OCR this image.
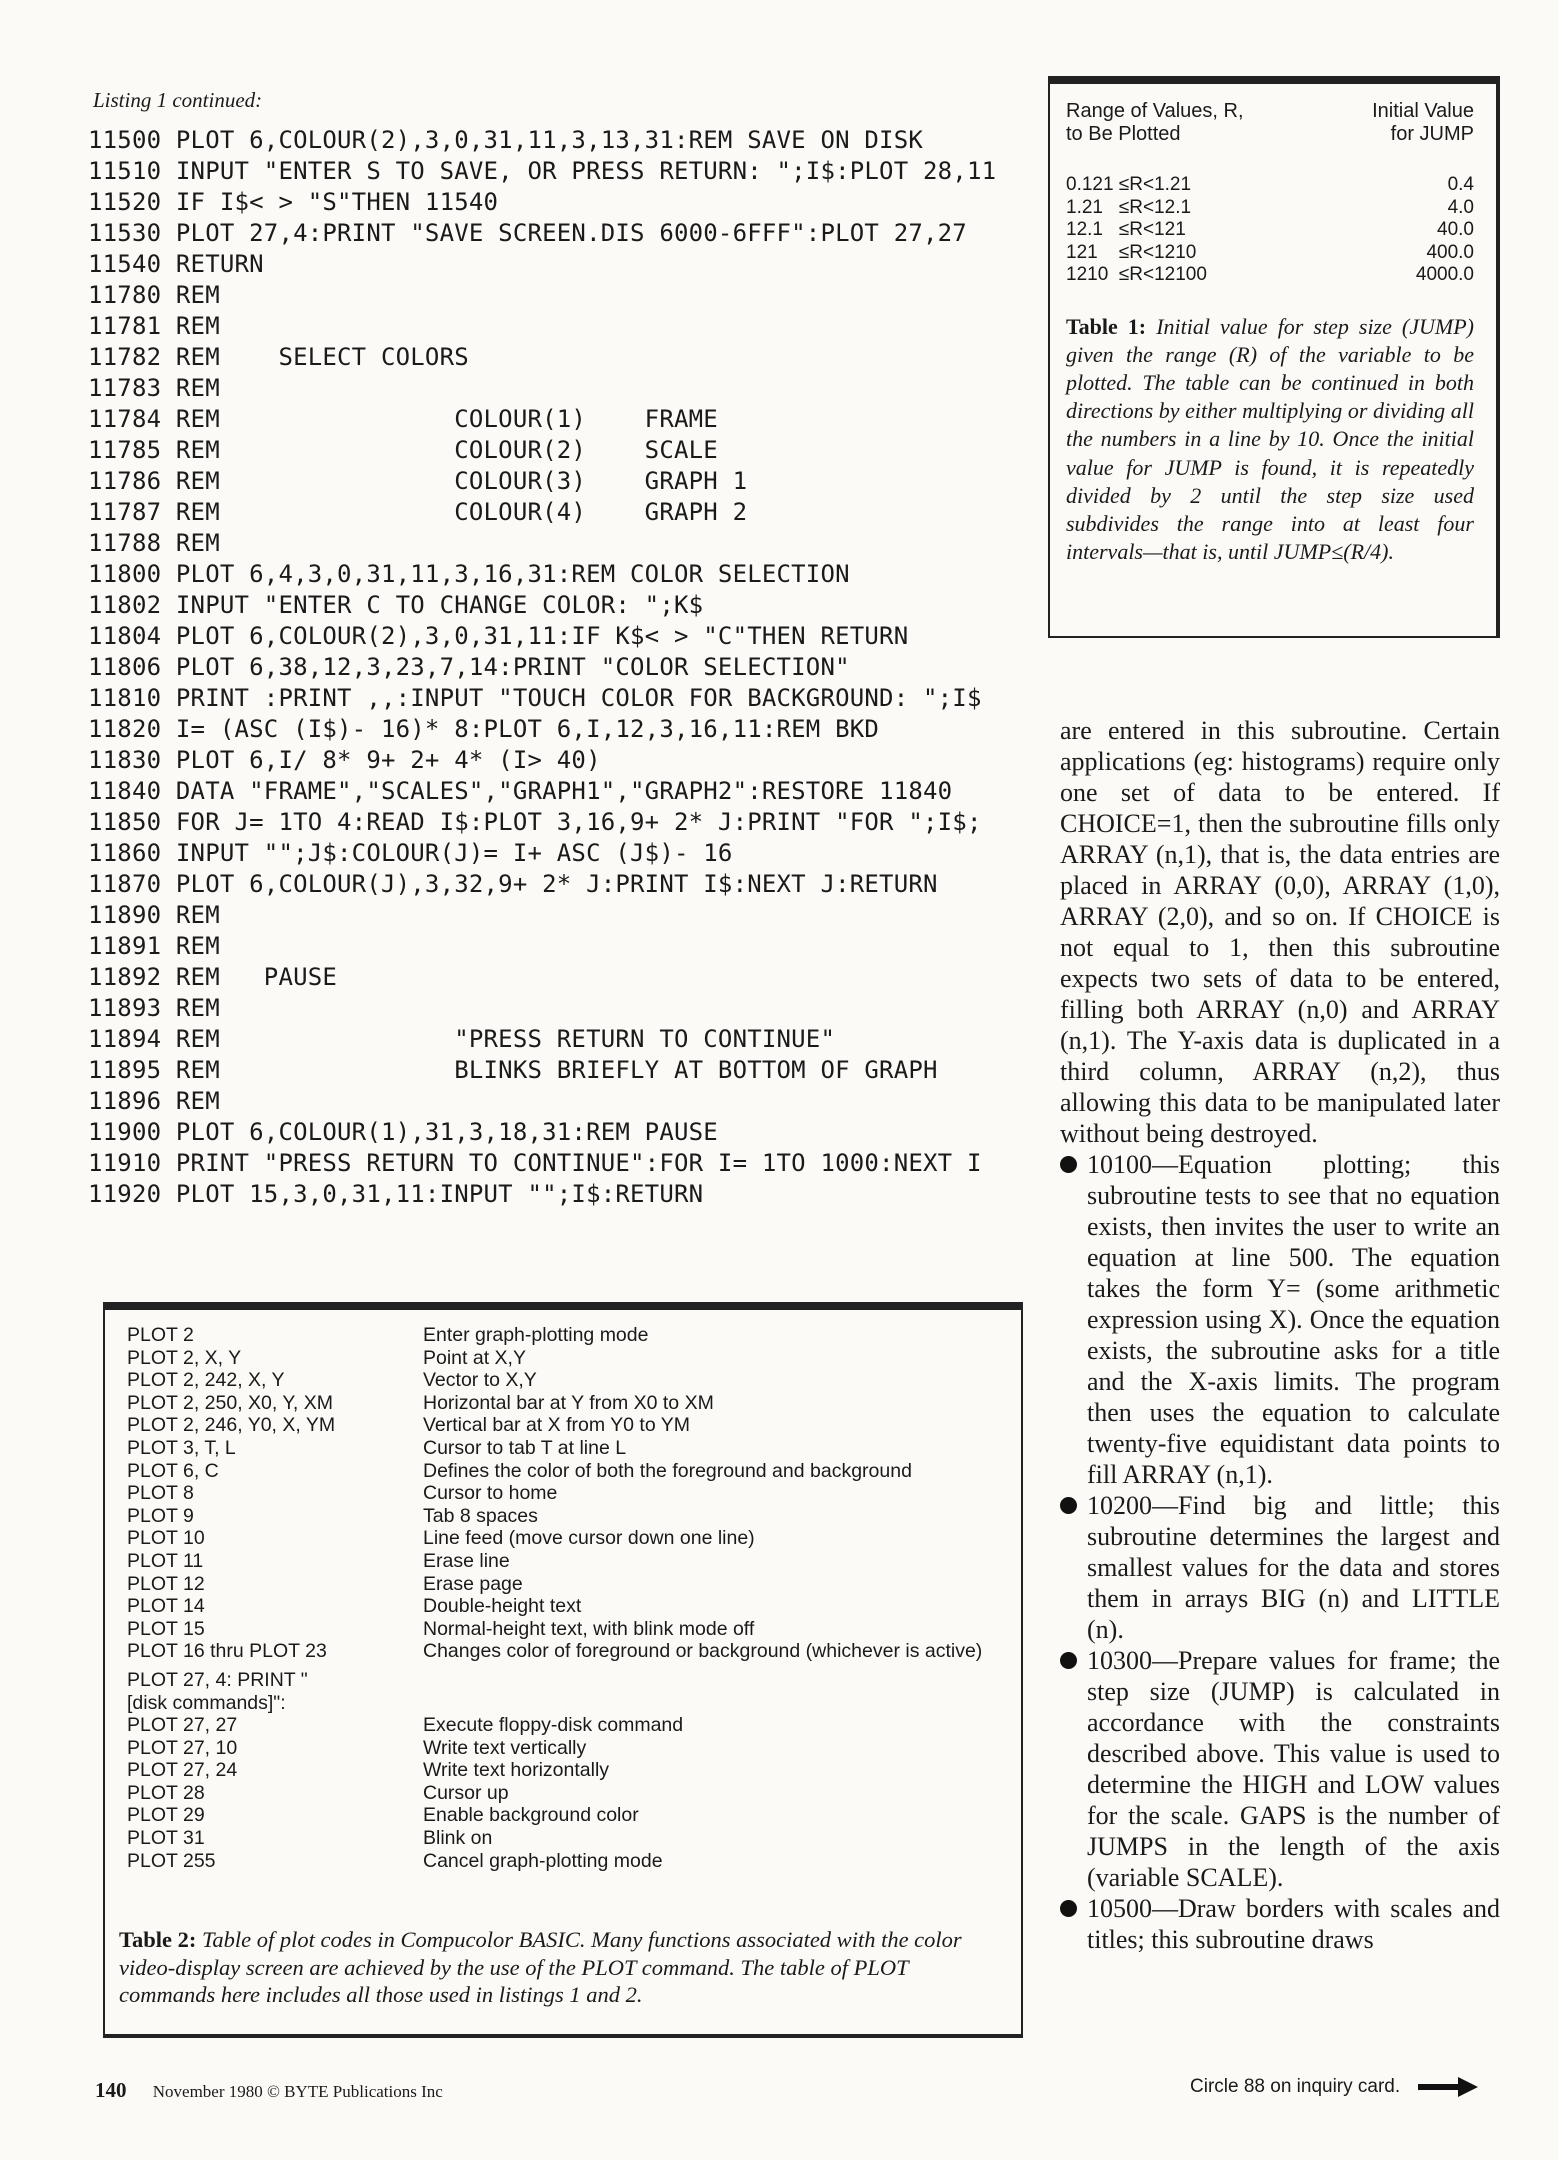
Listing 1 continued:
11500 PLOT 6,COLOUR(2),3,0,31,11,3,13,31:REM SAVE ON DISK
11510 INPUT "ENTER S TO SAVE, OR PRESS RETURN: ";I$:PLOT 28,11
11520 IF I$< > "S"THEN 11540
11530 PLOT 27,4:PRINT "SAVE SCREEN.DIS 6000-6FFF":PLOT 27,27
11540 RETURN
11780 REM
11781 REM
11782 REM    SELECT COLORS
11783 REM
11784 REM                COLOUR(1)    FRAME
11785 REM                COLOUR(2)    SCALE
11786 REM                COLOUR(3)    GRAPH 1
11787 REM                COLOUR(4)    GRAPH 2
11788 REM
11800 PLOT 6,4,3,0,31,11,3,16,31:REM COLOR SELECTION
11802 INPUT "ENTER C TO CHANGE COLOR: ";K$
11804 PLOT 6,COLOUR(2),3,0,31,11:IF K$< > "C"THEN RETURN
11806 PLOT 6,38,12,3,23,7,14:PRINT "COLOR SELECTION"
11810 PRINT :PRINT ,,:INPUT "TOUCH COLOR FOR BACKGROUND: ";I$
11820 I= (ASC (I$)- 16)* 8:PLOT 6,I,12,3,16,11:REM BKD
11830 PLOT 6,I/ 8* 9+ 2+ 4* (I> 40)
11840 DATA "FRAME","SCALES","GRAPH1","GRAPH2":RESTORE 11840
11850 FOR J= 1TO 4:READ I$:PLOT 3,16,9+ 2* J:PRINT "FOR ";I$;
11860 INPUT "";J$:COLOUR(J)= I+ ASC (J$)- 16
11870 PLOT 6,COLOUR(J),3,32,9+ 2* J:PRINT I$:NEXT J:RETURN
11890 REM
11891 REM
11892 REM   PAUSE
11893 REM
11894 REM                "PRESS RETURN TO CONTINUE"
11895 REM                BLINKS BRIEFLY AT BOTTOM OF GRAPH
11896 REM
11900 PLOT 6,COLOUR(1),31,3,18,31:REM PAUSE
11910 PRINT "PRESS RETURN TO CONTINUE":FOR I= 1TO 1000:NEXT I
11920 PLOT 15,3,0,31,11:INPUT "";I$:RETURN
Range of Values, R,
to Be Plotted
Initial Value
for JUMP
0.121 ≤R<1.21	0.4
1.21   ≤R<12.1	4.0
12.1   ≤R<121	40.0
121    ≤R<1210	400.0
1210  ≤R<12100	4000.0
Table 1: Initial value for step size (JUMP) given the range (R) of the variable to be plotted. The table can be continued in both directions by either multiplying or dividing all the numbers in a line by 10. Once the initial value for JUMP is found, it is repeatedly divided by 2 until the step size used subdivides the range into at least four intervals—that is, until JUMP≤(R/4).
PLOT 2	Enter graph-plotting mode
PLOT 2, X, Y	Point at X,Y
PLOT 2, 242, X, Y	Vector to X,Y
PLOT 2, 250, X0, Y, XM	Horizontal bar at Y from X0 to XM
PLOT 2, 246, Y0, X, YM	Vertical bar at X from Y0 to YM
PLOT 3, T, L	Cursor to tab T at line L
PLOT 6, C	Defines the color of both the foreground and background
PLOT 8	Cursor to home
PLOT 9	Tab 8 spaces
PLOT 10	Line feed (move cursor down one line)
PLOT 11	Erase line
PLOT 12	Erase page
PLOT 14	Double-height text
PLOT 15	Normal-height text, with blink mode off
PLOT 16 thru PLOT 23	Changes color of foreground or background (whichever is active)
PLOT 27, 4: PRINT "[disk commands]":
PLOT 27, 27	Execute floppy-disk command
PLOT 27, 10	Write text vertically
PLOT 27, 24	Write text horizontally
PLOT 28	Cursor up
PLOT 29	Enable background color
PLOT 31	Blink on
PLOT 255	Cancel graph-plotting mode
Table 2: Table of plot codes in Compucolor BASIC. Many functions associated with the color video-display screen are achieved by the use of the PLOT command. The table of PLOT commands here includes all those used in listings 1 and 2.

are entered in this subroutine. Certain applications (eg: histograms) require only one set of data to be entered. If CHOICE=1, then the subroutine fills only ARRAY (n,1), that is, the data entries are placed in ARRAY (0,0), ARRAY (1,0), ARRAY (2,0), and so on. If CHOICE is not equal to 1, then this subroutine expects two sets of data to be entered, filling both ARRAY (n,0) and ARRAY (n,1). The Y-axis data is duplicated in a third column, ARRAY (n,2), thus allowing this data to be manipulated later without being destroyed.

10100—Equation plotting; this subroutine tests to see that no equation exists, then invites the user to write an equation at line 500. The equation takes the form Y= (some arithmetic expression using X). Once the equation exists, the subroutine asks for a title and the X-axis limits. The program then uses the equation to calculate twenty-five equidistant data points to fill ARRAY (n,1).
10200—Find big and little; this subroutine determines the largest and smallest values for the data and stores them in arrays BIG (n) and LITTLE (n).
10300—Prepare values for frame; the step size (JUMP) is calculated in accordance with the constraints described above. This value is used to determine the HIGH and LOW values for the scale. GAPS is the number of JUMPS in the length of the axis (variable SCALE).
10500—Draw borders with scales and titles; this subroutine draws
140 November 1980 © BYTE Publications Inc	Circle 88 on inquiry card.
